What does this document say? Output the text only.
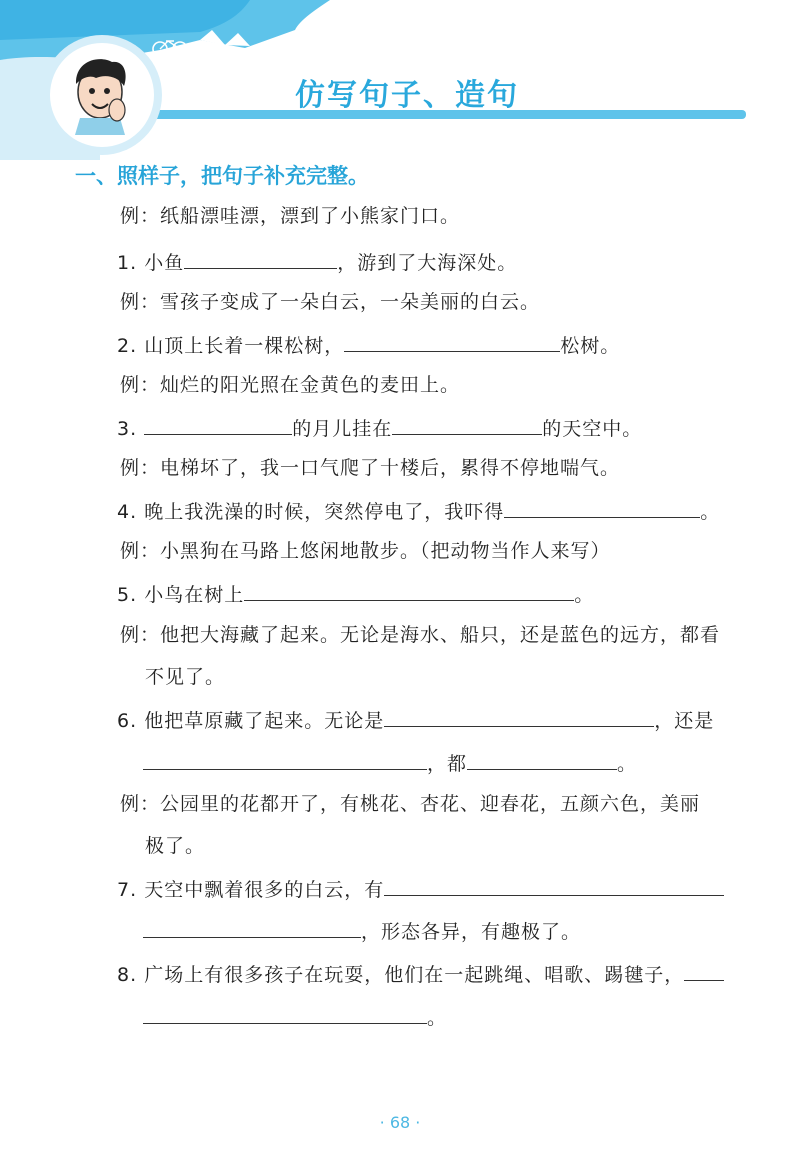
仿写句子、造句
一、照样子，把句子补充完整。
例：纸船漂哇漂，漂到了小熊家门口。
1. 小鱼	，游到了大海深处。
例：雪孩子变成了一朵白云，一朵美丽的白云。
2. 山顶上长着一棵松树，	松树。
例：灿烂的阳光照在金黄色的麦田上。
3.	的月儿挂在	的天空中。
例：电梯坏了，我一口气爬了十楼后，累得不停地喘气。
4. 晚上我洗澡的时候，突然停电了，我吓得	。
例：小黑狗在马路上悠闲地散步。（把动物当作人来写）
5. 小鸟在树上	。
例：他把大海藏了起来。无论是海水、船只，还是蓝色的远方，都看
不见了。
6. 他把草原藏了起来。无论是	，还是
，都	。
例：公园里的花都开了，有桃花、杏花、迎春花，五颜六色，美丽
极了。
7. 天空中飘着很多的白云，有
，形态各异，有趣极了。
8. 广场上有很多孩子在玩耍，他们在一起跳绳、唱歌、踢毽子，
。
· 68 ·
